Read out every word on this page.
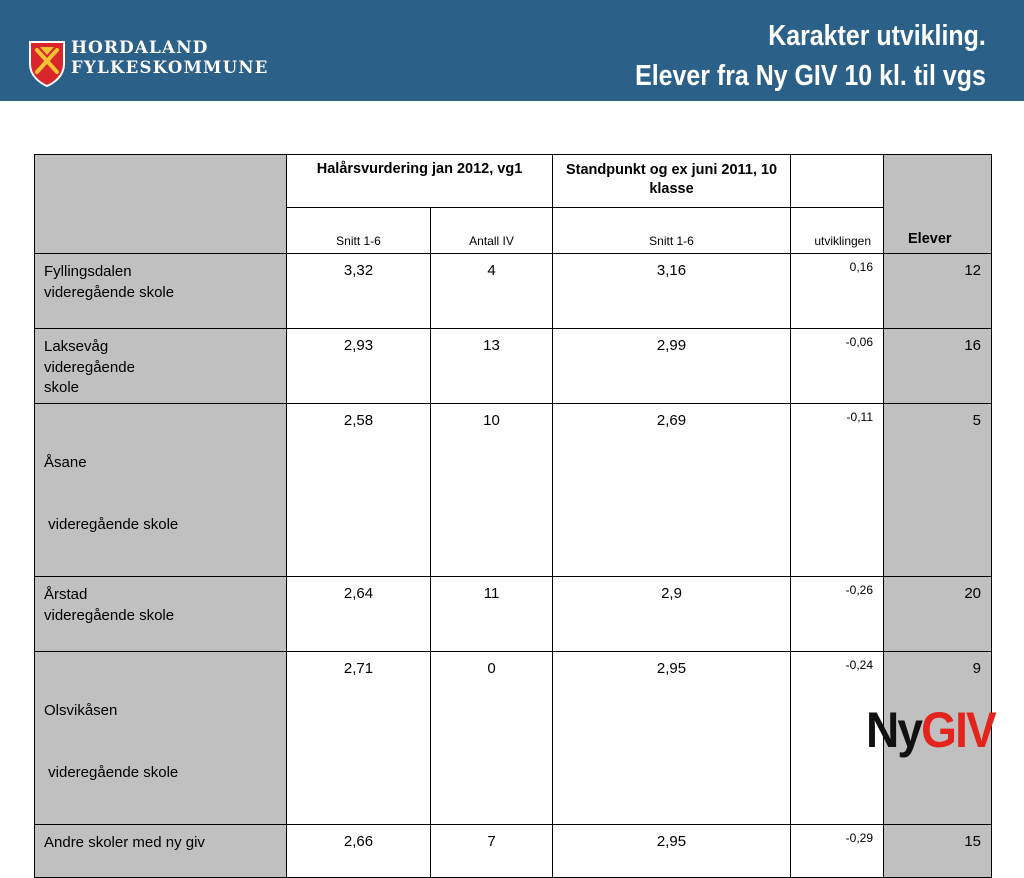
HORDALAND
FYLKESKOMMUNE
Karakter utvikling.
Elever fra Ny GIV 10 kl. til vgs
	Halårsvurdering jan 2012, vg1		Standpunkt og ex juni 2011, 10 klasse		Elever
	Snitt 1-6	Antall IV	Snitt 1-6	utviklingen	

Fyllingsdalen
videregående skole	3,32	4	3,16	0,16	12

Laksevåg
videregående
skole	2,93	13	2,99	-0,06	16

Åsane

videregående skole	2,58	10	2,69	-0,11	5

Årstad
videregående skole	2,64	11	2,9	-0,26	20

Olsvikåsen

videregående skole	2,71	0	2,95	-0,24	9

Andre skoler med ny giv	2,66	7	2,95	-0,29	15
NyGIV
